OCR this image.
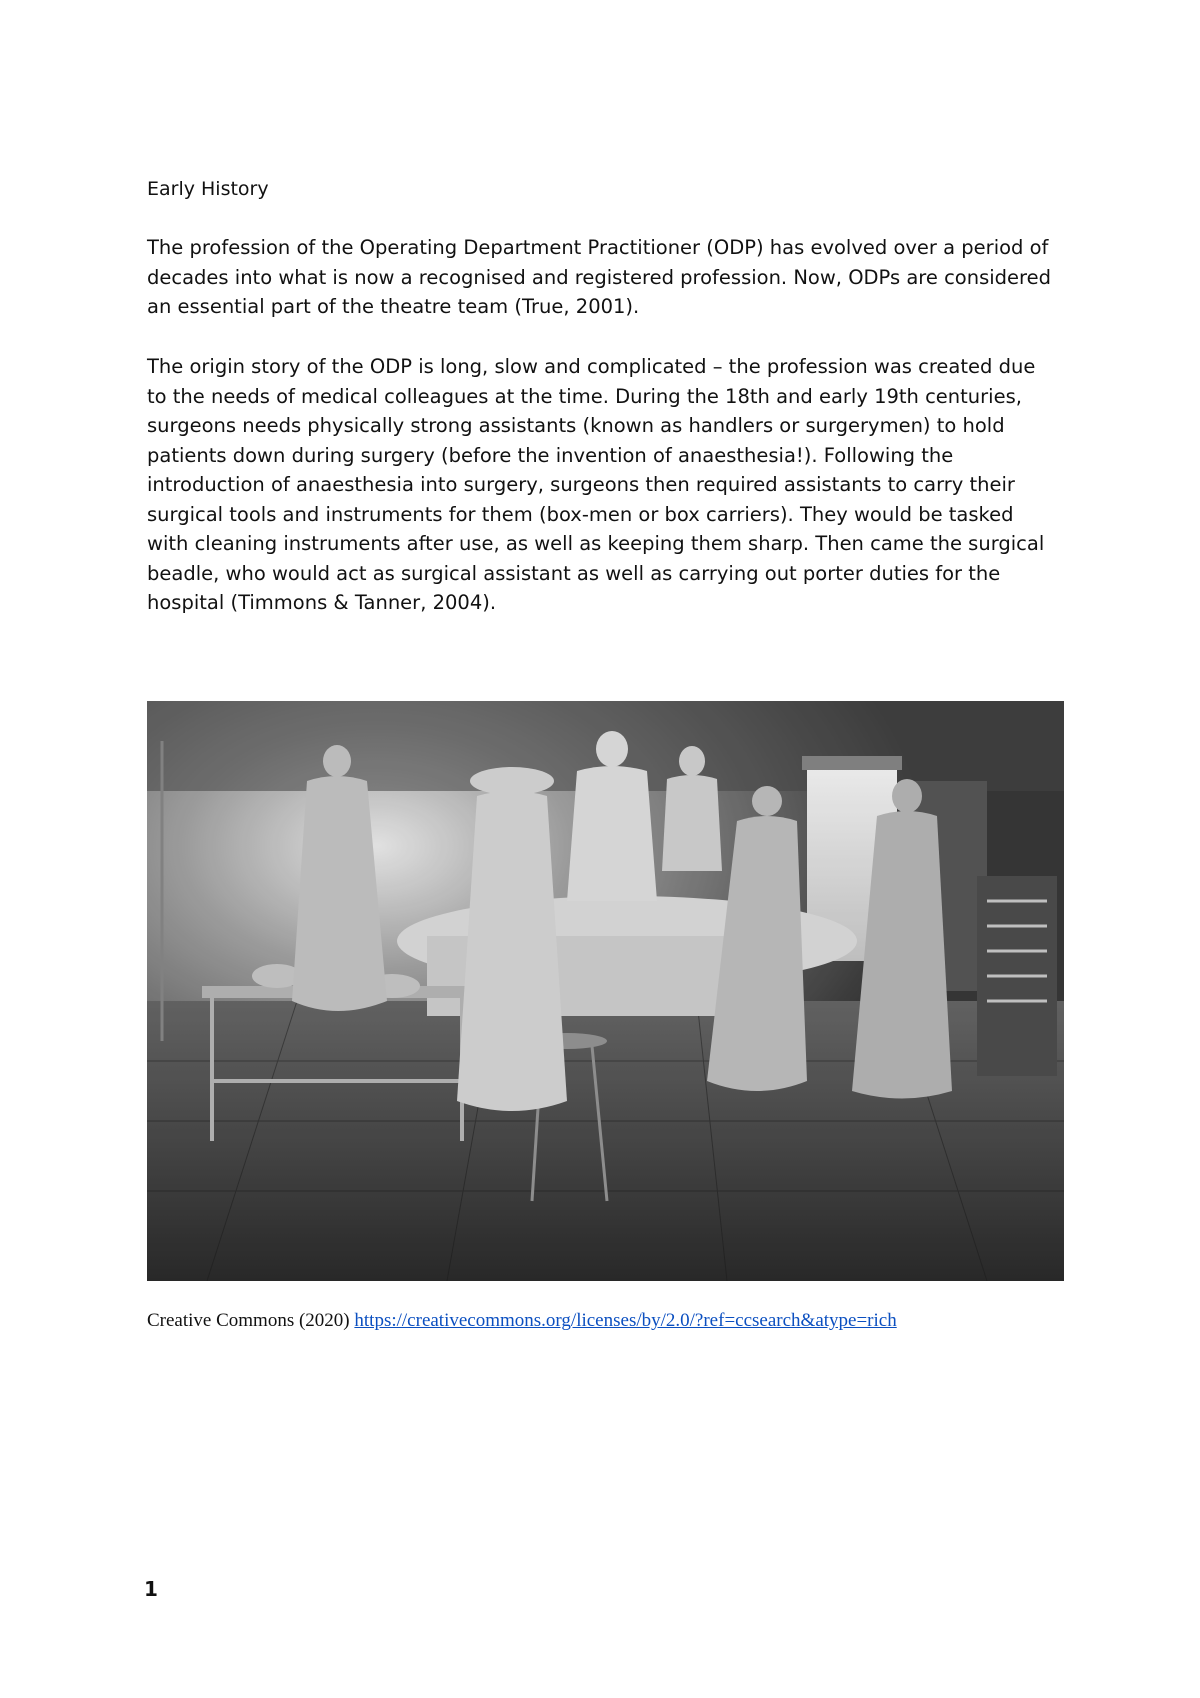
Early History

The profession of the Operating Department Practitioner (ODP) has evolved over a period of
decades into what is now a recognised and registered profession. Now, ODPs are considered
an essential part of the theatre team (True, 2001).

The origin story of the ODP is long, slow and complicated – the profession was created due
to the needs of medical colleagues at the time. During the 18th and early 19th centuries,
surgeons needs physically strong assistants (known as handlers or surgerymen) to hold
patients down during surgery (before the invention of anaesthesia!). Following the
introduction of anaesthesia into surgery, surgeons then required assistants to carry their
surgical tools and instruments for them (box-men or box carriers). They would be tasked
with cleaning instruments after use, as well as keeping them sharp. Then came the surgical
beadle, who would act as surgical assistant as well as carrying out porter duties for the
hospital (Timmons & Tanner, 2004).

Creative Commons (2020) https://creativecommons.org/licenses/by/2.0/?ref=ccsearch&atype=rich
1
